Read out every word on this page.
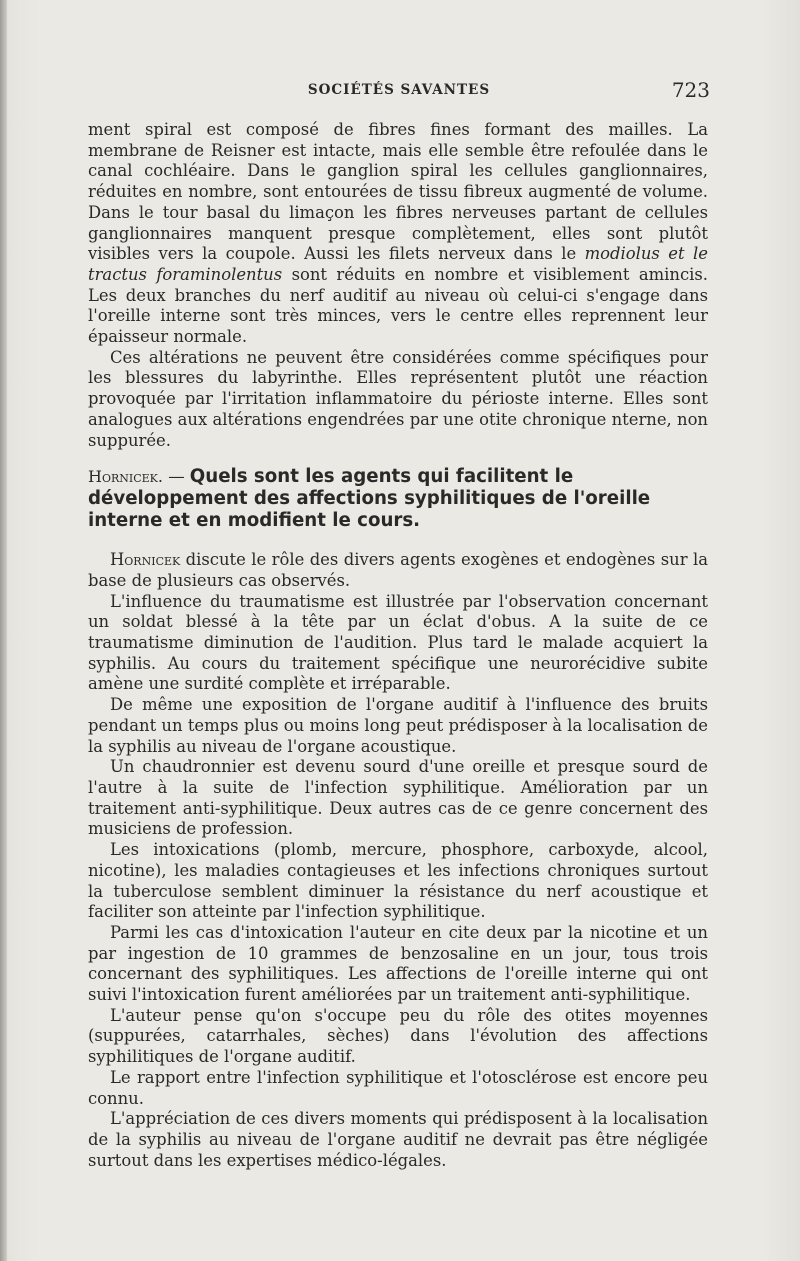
SOCIÉTÉS SAVANTES	723

ment spiral est composé de fibres fines formant des mailles. La membrane de Reisner est intacte, mais elle semble être refoulée dans le canal cochléaire. Dans le ganglion spiral les cellules ganglionnaires, réduites en nombre, sont entourées de tissu fibreux augmenté de volume. Dans le tour basal du limaçon les fibres nerveuses partant de cellules ganglionnaires manquent presque complètement, elles sont plutôt visibles vers la coupole. Aussi les filets nerveux dans le modiolus et le tractus foraminolentus sont réduits en nombre et visiblement amincis. Les deux branches du nerf auditif au niveau où celui-ci s'engage dans l'oreille interne sont très minces, vers le centre elles reprennent leur épaisseur normale.

Ces altérations ne peuvent être considérées comme spécifiques pour les blessures du labyrinthe. Elles représentent plutôt une réaction provoquée par l'irritation inflammatoire du périoste interne. Elles sont analogues aux altérations engendrées par une otite chronique nterne, non suppurée.

Hornicek. — Quels sont les agents qui facilitent le développement des affections syphilitiques de l'oreille interne et en modifient le cours.

Hornicek discute le rôle des divers agents exogènes et endogènes sur la base de plusieurs cas observés.

L'influence du traumatisme est illustrée par l'observation concernant un soldat blessé à la tête par un éclat d'obus. A la suite de ce traumatisme diminution de l'audition. Plus tard le malade acquiert la syphilis. Au cours du traitement spécifique une neurorécidive subite amène une surdité complète et irréparable.

De même une exposition de l'organe auditif à l'influence des bruits pendant un temps plus ou moins long peut prédisposer à la localisation de la syphilis au niveau de l'organe acoustique.

Un chaudronnier est devenu sourd d'une oreille et presque sourd de l'autre à la suite de l'infection syphilitique. Amélioration par un traitement anti-syphilitique. Deux autres cas de ce genre concernent des musiciens de profession.

Les intoxications (plomb, mercure, phosphore, carboxyde, alcool, nicotine), les maladies contagieuses et les infections chroniques surtout la tuberculose semblent diminuer la résistance du nerf acoustique et faciliter son atteinte par l'infection syphilitique.

Parmi les cas d'intoxication l'auteur en cite deux par la nicotine et un par ingestion de 10 grammes de benzosaline en un jour, tous trois concernant des syphilitiques. Les affections de l'oreille interne qui ont suivi l'intoxication furent améliorées par un traitement anti-syphilitique.

L'auteur pense qu'on s'occupe peu du rôle des otites moyennes (suppurées, catarrhales, sèches) dans l'évolution des affections syphilitiques de l'organe auditif.

Le rapport entre l'infection syphilitique et l'otosclérose est encore peu connu.

L'appréciation de ces divers moments qui prédisposent à la localisation de la syphilis au niveau de l'organe auditif ne devrait pas être négligée surtout dans les expertises médico-légales.
